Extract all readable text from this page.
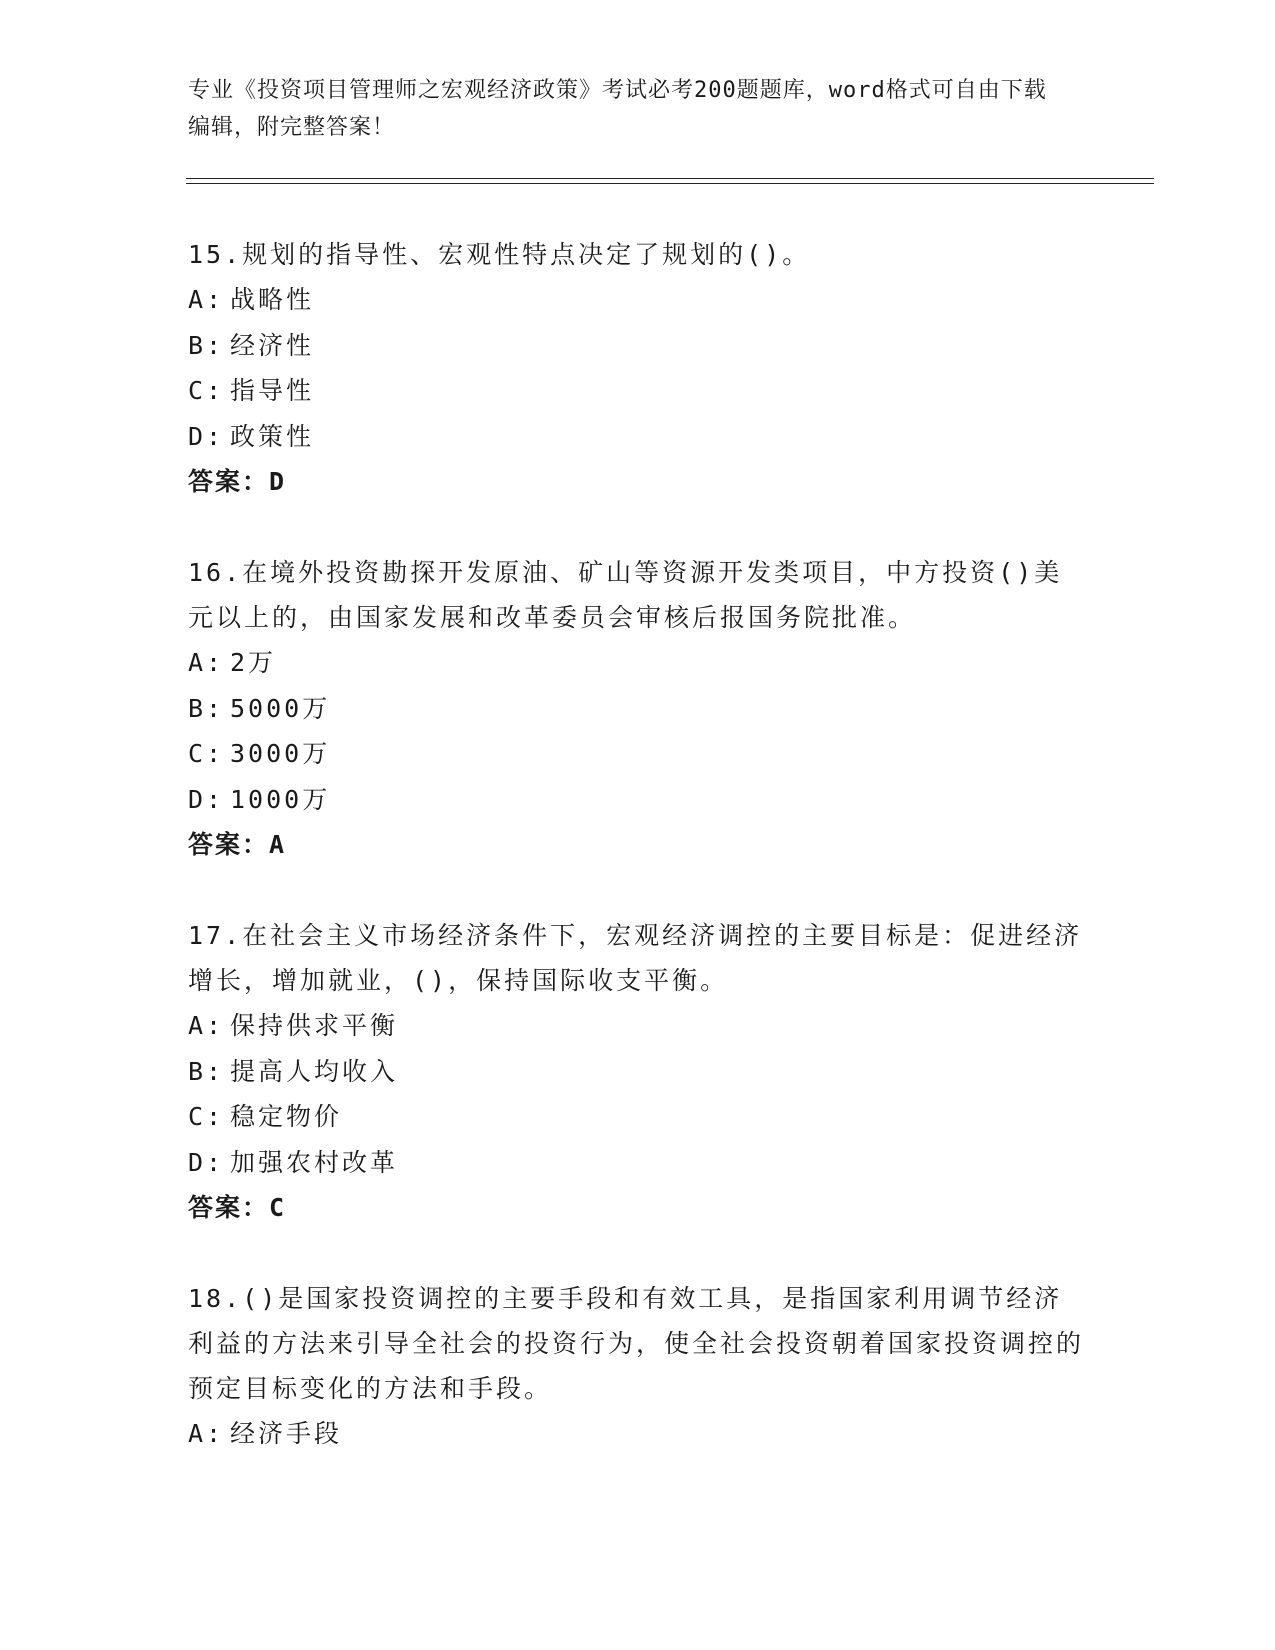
专业《投资项目管理师之宏观经济政策》考试必考200题题库，word格式可自由下载编辑，附完整答案！

15.规划的指导性、宏观性特点决定了规划的()。

A: 战略性

B: 经济性

C: 指导性

D: 政策性

答案：D

16.在境外投资勘探开发原油、矿山等资源开发类项目，中方投资()美元以上的，由国家发展和改革委员会审核后报国务院批准。

A: 2万

B: 5000万

C: 3000万

D: 1000万

答案：A

17.在社会主义市场经济条件下，宏观经济调控的主要目标是：促进经济增长，增加就业，()，保持国际收支平衡。

A: 保持供求平衡

B: 提高人均收入

C: 稳定物价

D: 加强农村改革

答案：C

18.()是国家投资调控的主要手段和有效工具，是指国家利用调节经济利益的方法来引导全社会的投资行为，使全社会投资朝着国家投资调控的预定目标变化的方法和手段。

A: 经济手段
